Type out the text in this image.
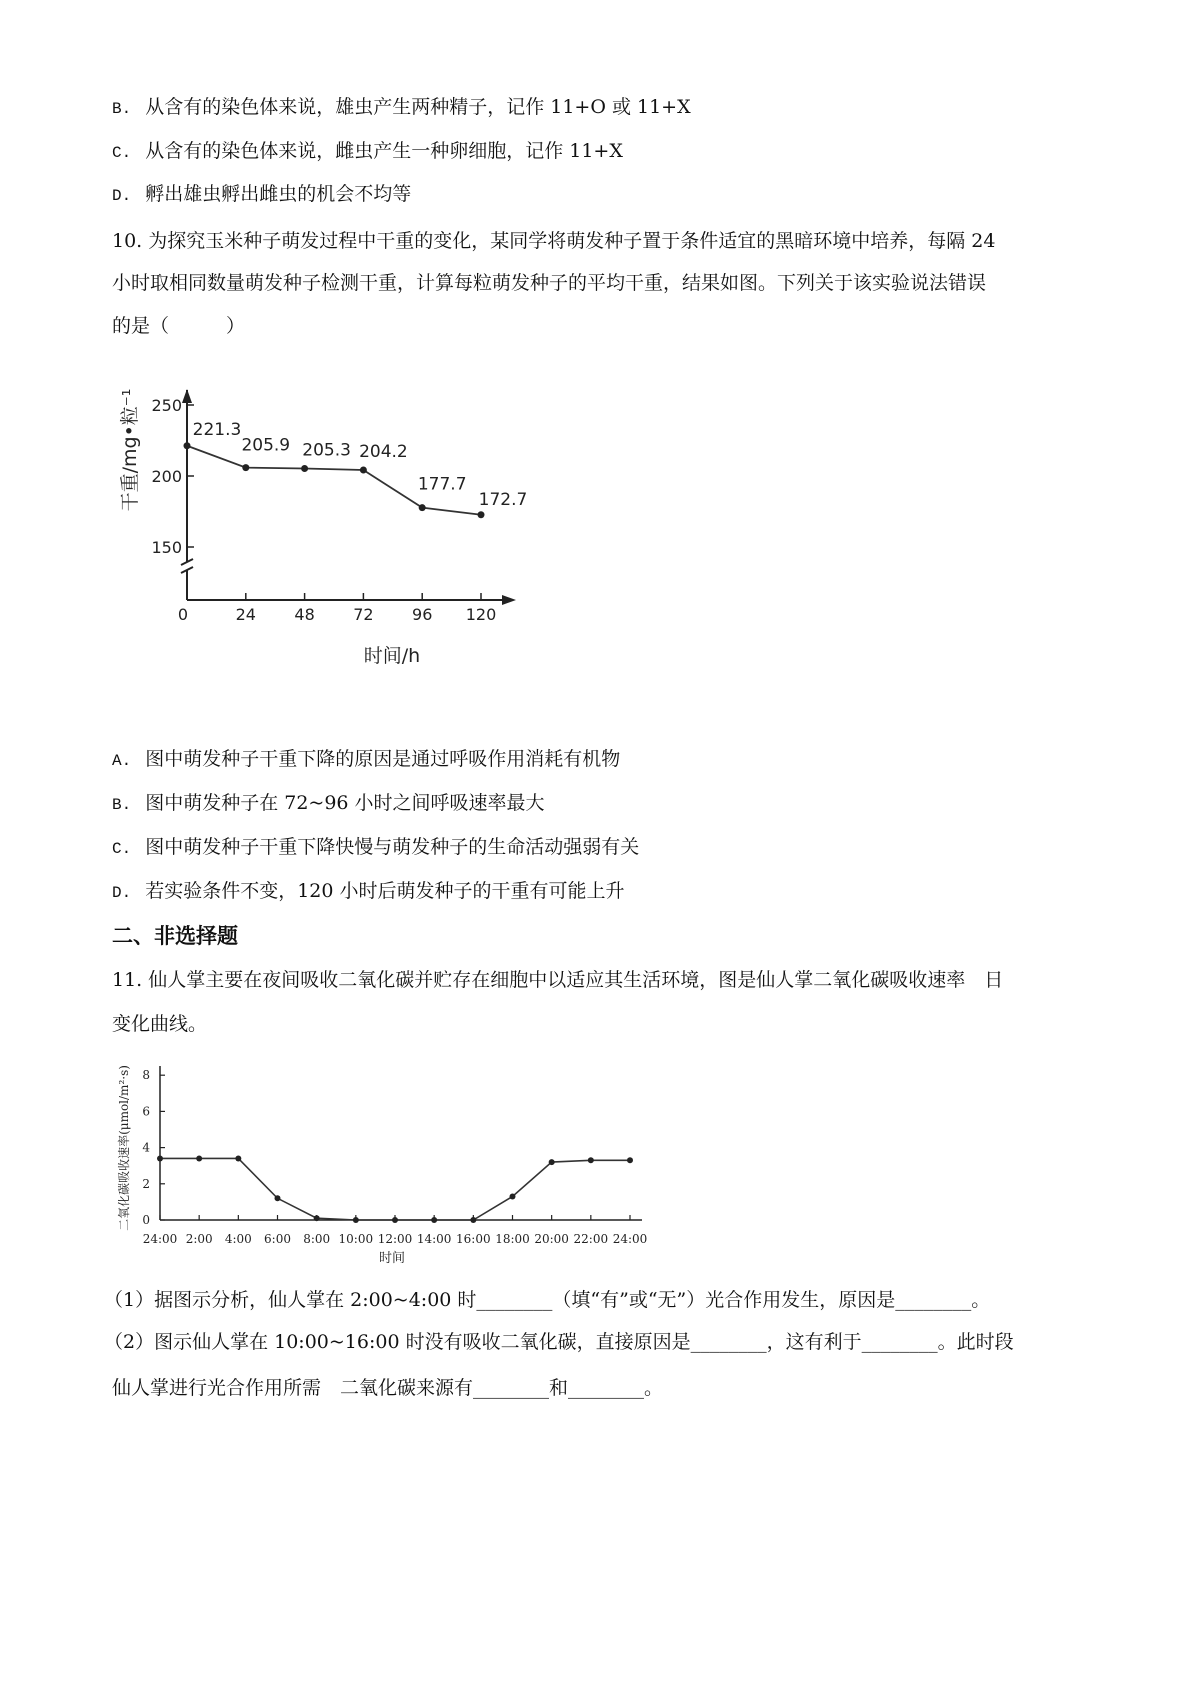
B. 从含有的染色体来说，雄虫产生两种精子，记作 11+O 或 11+X
C. 从含有的染色体来说，雌虫产生一种卵细胞，记作 11+X
D. 孵出雄虫孵出雌虫的机会不均等
10. 为探究玉米种子萌发过程中干重的变化，某同学将萌发种子置于条件适宜的黑暗环境中培养，每隔 24
小时取相同数量萌发种子检测干重，计算每粒萌发种子的平均干重，结果如图。下列关于该实验说法错误
的是（　　　）
150
200
250
0	24 48 72 96 120
时间/h
干重/mg•粒⁻¹	221.3
205.9 205.3 204.2
177.7
172.7
A. 图中萌发种子干重下降的原因是通过呼吸作用消耗有机物
B. 图中萌发种子在 72~96 小时之间呼吸速率最大
C. 图中萌发种子干重下降快慢与萌发种子的生命活动强弱有关
D. 若实验条件不变，120 小时后萌发种子的干重有可能上升
二、非选择题
11. 仙人掌主要在夜间吸收二氧化碳并贮存在细胞中以适应其生活环境，图是仙人掌二氧化碳吸收速率　日
变化曲线。
0
2
4
6
8
24:00 2:00 4:00 6:00 8:00 10:00 12:00 14:00 16:00 18:00 20:00 22:00 24:00
时间
二氧化碳吸收速率(μmol/m²·s)
（1）据图示分析，仙人掌在 2:00~4:00 时________（填“有”或“无”）光合作用发生，原因是________。
（2）图示仙人掌在 10:00~16:00 时没有吸收二氧化碳，直接原因是________，这有利于________。此时段
仙人掌进行光合作用所需　二氧化碳来源有________和________。
